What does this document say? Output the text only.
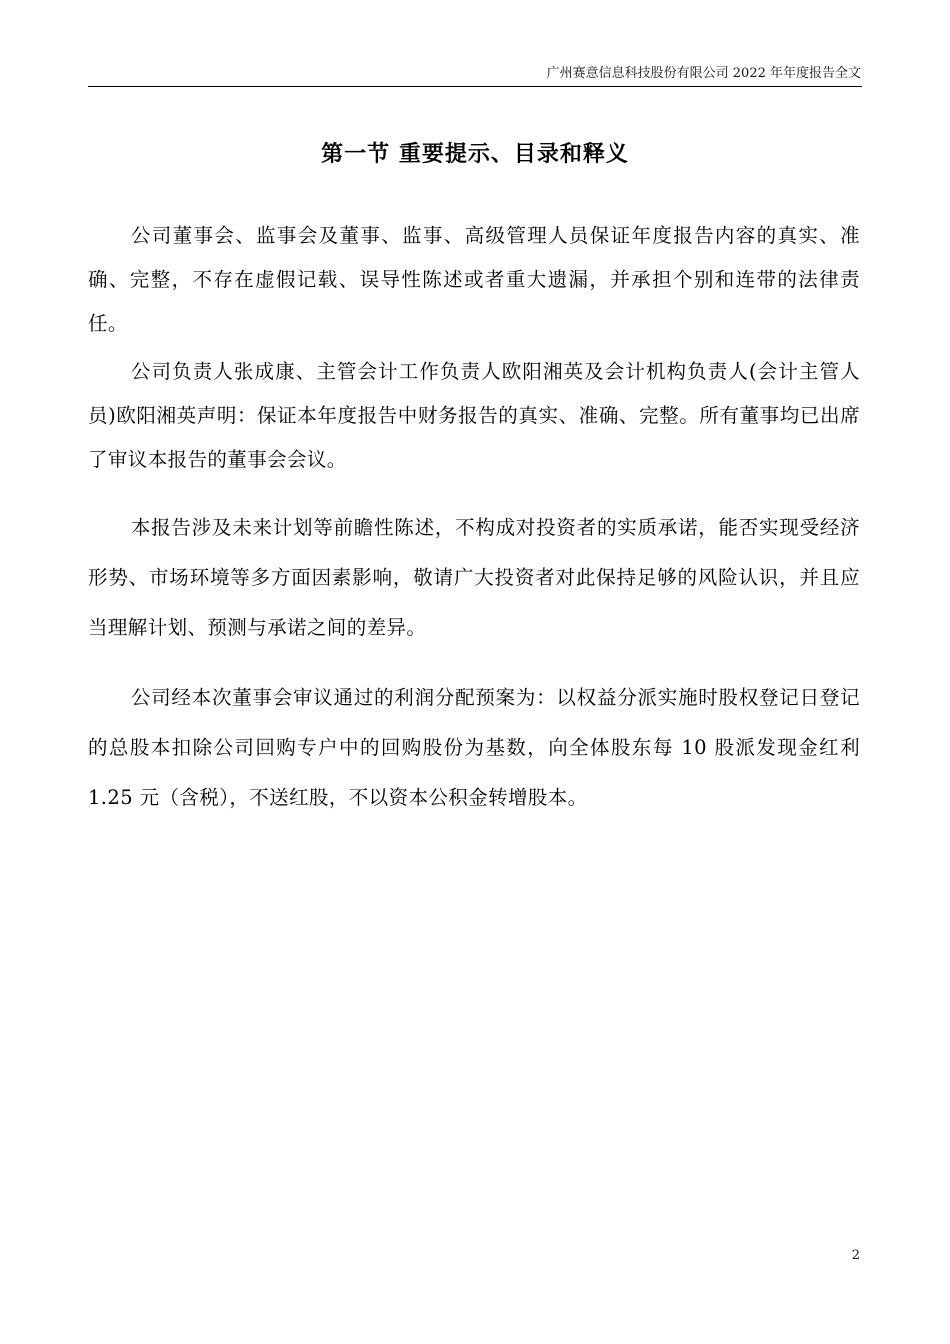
广州赛意信息科技股份有限公司 2022 年年度报告全文
第一节 重要提示、目录和释义

公司董事会、监事会及董事、监事、高级管理人员保证年度报告内容的真实、准确、完整，不存在虚假记载、误导性陈述或者重大遗漏，并承担个别和连带的法律责任。

公司负责人张成康、主管会计工作负责人欧阳湘英及会计机构负责人(会计主管人员)欧阳湘英声明：保证本年度报告中财务报告的真实、准确、完整。所有董事均已出席了审议本报告的董事会会议。

本报告涉及未来计划等前瞻性陈述，不构成对投资者的实质承诺，能否实现受经济形势、市场环境等多方面因素影响，敬请广大投资者对此保持足够的风险认识，并且应当理解计划、预测与承诺之间的差异。

公司经本次董事会审议通过的利润分配预案为：以权益分派实施时股权登记日登记的总股本扣除公司回购专户中的回购股份为基数，向全体股东每 10 股派发现金红利 1.25 元（含税），不送红股，不以资本公积金转增股本。

2
